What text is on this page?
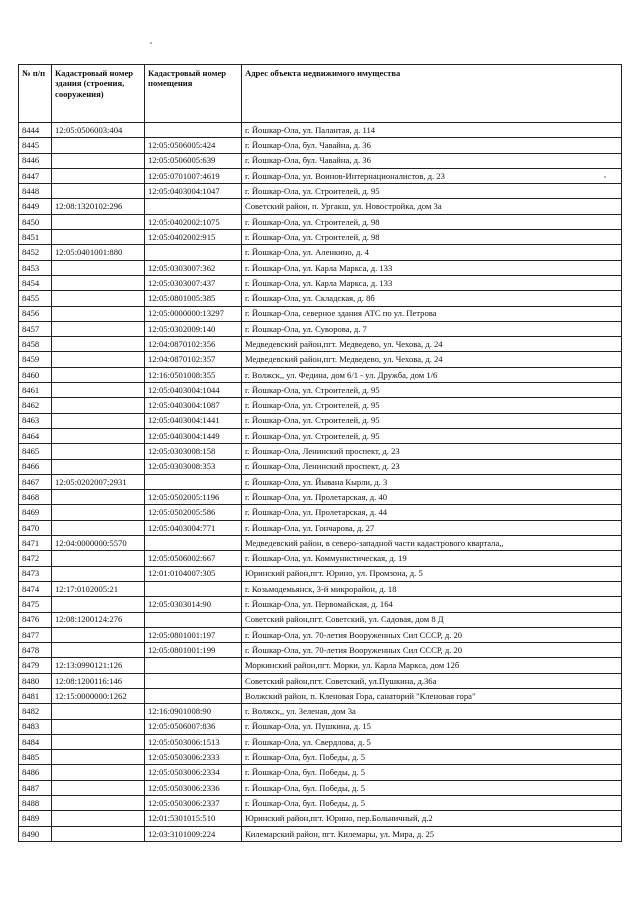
№ п/п	Кадастровый номер здания (строения, сооружения)	Кадастровый номер помещения	Адрес объекта недвижимого имущества
8444	12:05:0506003:404		г. Йошкар-Ола, ул. Палантая, д. 114
8445		12:05:0506005:424	г. Йошкар-Ола, бул. Чавайна, д. 36
8446		12:05:0506005:639	г. Йошкар-Ола, бул. Чавайна, д. 36
8447		12:05:0701007:4619	г. Йошкар-Ола, ул. Воинов-Интернационалистов, д. 23
8448		12:05:0403004:1047	г. Йошкар-Ола, ул. Строителей, д. 95
8449	12:08:1320102:296		Советский район, п. Ургакш, ул. Новостройка, дом 3а
8450		12:05:0402002:1075	г. Йошкар-Ола, ул. Строителей, д. 98
8451		12:05:0402002:915	г. Йошкар-Ола, ул. Строителей, д. 98
8452	12:05:0401001:880		г. Йошкар-Ола, ул. Аленкино, д. 4
8453		12:05:0303007:362	г. Йошкар-Ола, ул. Карла Маркса, д. 133
8454		12:05:0303007:437	г. Йошкар-Ола, ул. Карла Маркса, д. 133
8455		12:05:0801005:385	г. Йошкар-Ола, ул. Складская, д. 8б
8456		12:05:0000000:13297	г. Йошкар-Ола, северное здания АТС по ул. Петрова
8457		12:05:0302009:140	г. Йошкар-Ола, ул. Суворова, д. 7
8458		12:04:0870102:356	Медведевский район,пгт. Медведево, ул. Чехова, д. 24
8459		12:04:0870102:357	Медведевский район,пгт. Медведево, ул. Чехова, д. 24
8460		12:16:0501008:355	г. Волжск,, ул. Федина, дом 6/1 - ул. Дружба, дом 1/6
8461		12:05:0403004:1044	г. Йошкар-Ола, ул. Строителей, д. 95
8462		12:05:0403004:1087	г. Йошкар-Ола, ул. Строителей, д. 95
8463		12:05:0403004:1441	г. Йошкар-Ола, ул. Строителей, д. 95
8464		12:05:0403004:1449	г. Йошкар-Ола, ул. Строителей, д. 95
8465		12:05:0303008:158	г. Йошкар-Ола, Ленинский проспект, д. 23
8466		12:05:0303008:353	г. Йошкар-Ола, Ленинский проспект, д. 23
8467	12:05:0202007:2931		г. Йошкар-Ола, ул. Йывана Кырли, д. 3
8468		12:05:0502005:1196	г. Йошкар-Ола, ул. Пролетарская, д. 40
8469		12:05:0502005:586	г. Йошкар-Ола, ул. Пролетарская, д. 44
8470		12:05:0403004:771	г. Йошкар-Ола, ул. Гончарова, д. 27
8471	12:04:0000000:5570		Медведевский район, в северо-западной части кадастрового квартала,,
8472		12:05:0506002:667	г. Йошкар-Ола, ул. Коммунистическая, д. 19
8473		12:01:0104007:305	Юринский район,пгт. Юрино, ул. Промзона, д. 5
8474	12:17:0102005:21		г. Козьмодемьянск, 3-й микрорайон, д. 18
8475		12:05:0303014:90	г. Йошкар-Ола, ул. Первомайская, д. 164
8476	12:08:1200124:276		Советский район,пгт. Советский, ул. Садовая, дом 8 Д
8477		12:05:0801001:197	г. Йошкар-Ола, ул. 70-летия Вооруженных Сил СССР, д. 20
8478		12:05:0801001:199	г. Йошкар-Ола, ул. 70-летия Вооруженных Сил СССР, д. 20
8479	12:13:0990121:126		Моркинский район,пгт. Морки, ул. Карла Маркса, дом 12б
8480	12:08:1200116:146		Советский район,пгт. Советский, ул.Пушкина, д.36а
8481	12:15:0000000:1262		Волжский район, п. Кленовая Гора, санаторий "Кленовая гора"
8482		12:16:0901008:90	г. Волжск,, ул. Зеленая, дом 3а
8483		12:05:0506007:836	г. Йошкар-Ола, ул. Пушкина, д. 15
8484		12:05:0503006:1513	г. Йошкар-Ола, ул. Свердлова, д. 5
8485		12:05:0503006:2333	г. Йошкар-Ола, бул. Победы, д. 5
8486		12:05:0503006:2334	г. Йошкар-Ола, бул. Победы, д. 5
8487		12:05:0503006:2336	г. Йошкар-Ола, бул. Победы, д. 5
8488		12:05:0503006:2337	г. Йошкар-Ола, бул. Победы, д. 5
8489		12:01:5301015:510	Юринский район,пгт. Юрино, пер.Больничный, д.2
8490		12:03:3101009:224	Килемарский район, пгт. Килемары, ул. Мира, д. 25
